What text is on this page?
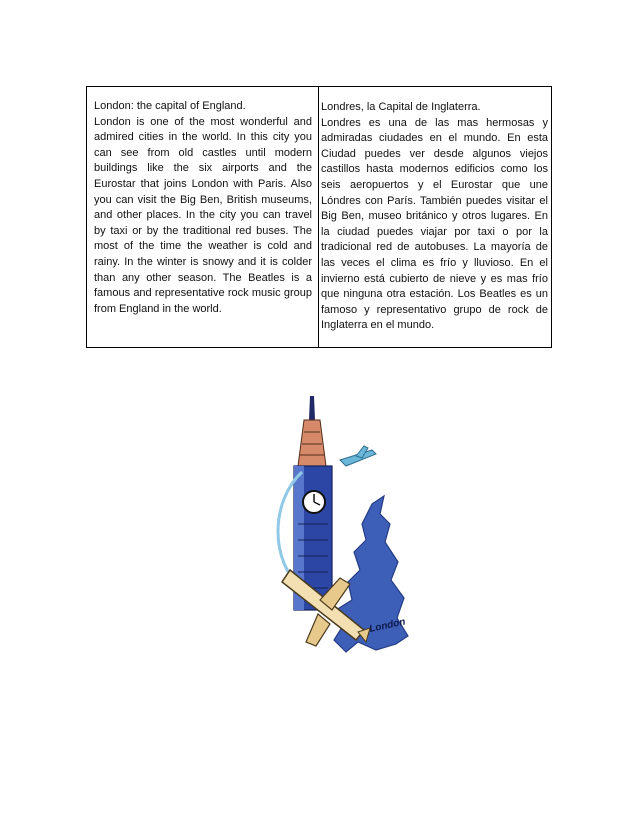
London: the capital of England.

London is one of the most wonderful and admired cities in the world. In this city you can see from old castles until modern buildings like the six airports and the Eurostar that joins London with Paris. Also you can visit the Big Ben, British museums, and other places. In the city you can travel by taxi or by the traditional red buses. The most of the time the weather is cold and rainy. In the winter is snowy and it is colder than any other season. The Beatles is a famous and representative rock music group from England in the world.

Londres, la Capital de Inglaterra.

Londres es una de las mas hermosas y admiradas ciudades en el mundo. En esta Ciudad puedes ver desde algunos viejos castillos hasta modernos edificios como los seis aeropuertos y el Eurostar que une Lóndres con París. También puedes visitar el Big Ben, museo británico y otros lugares. En la ciudad puedes viajar por taxi o por la tradicional red de autobuses. La mayoría de las veces el clima es frío y lluvioso. En el invierno está cubierto de nieve y es mas frío que ninguna otra estación. Los Beatles es un famoso y representativo grupo de rock de Inglaterra en el mundo.

London
